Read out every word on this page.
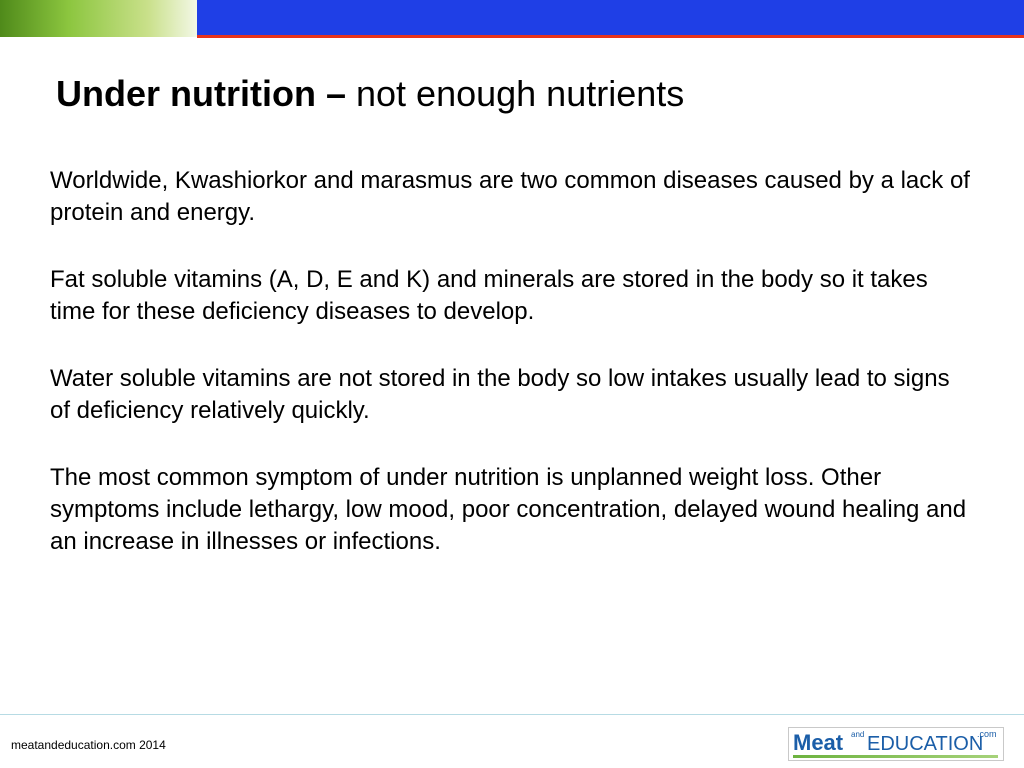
Under nutrition – not enough nutrients

Worldwide, Kwashiorkor and marasmus are two common diseases caused by a lack of protein and energy.

Fat soluble vitamins (A, D, E and K) and minerals are stored in the body so it takes time for these deficiency diseases to develop.

Water soluble vitamins are not stored in the body so low intakes usually lead to signs of deficiency relatively quickly.

The most common symptom of under nutrition is unplanned weight loss. Other symptoms include lethargy, low mood, poor concentration, delayed wound healing and an increase in illnesses or infections.

meatandeducation.com 2014	Meat and EDUCATION
.com
